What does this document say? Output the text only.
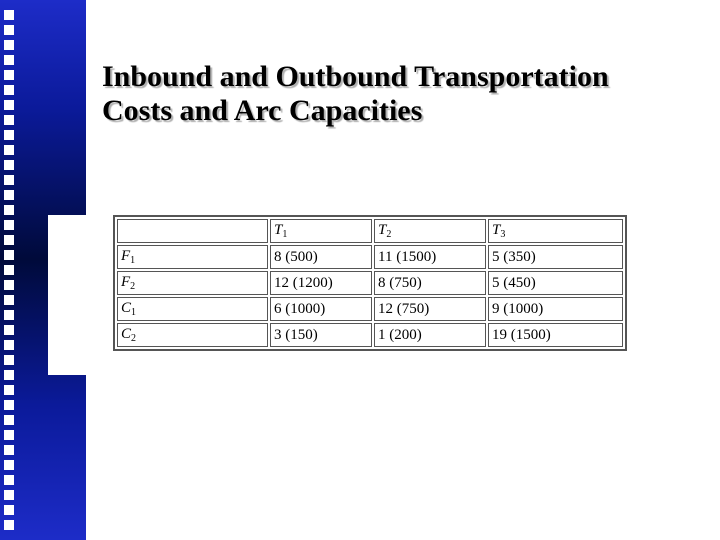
Inbound and Outbound Transportation
Costs and Arc Capacities
	$T_1$	$T_2$	$T_3$
$F_1$	8 (500)	11 (1500)	5 (350)
$F_2$	12 (1200)	8 (750)	5 (450)
$C_1$	6 (1000)	12 (750)	9 (1000)
$C_2$	3 (150)	1 (200)	19 (1500)
